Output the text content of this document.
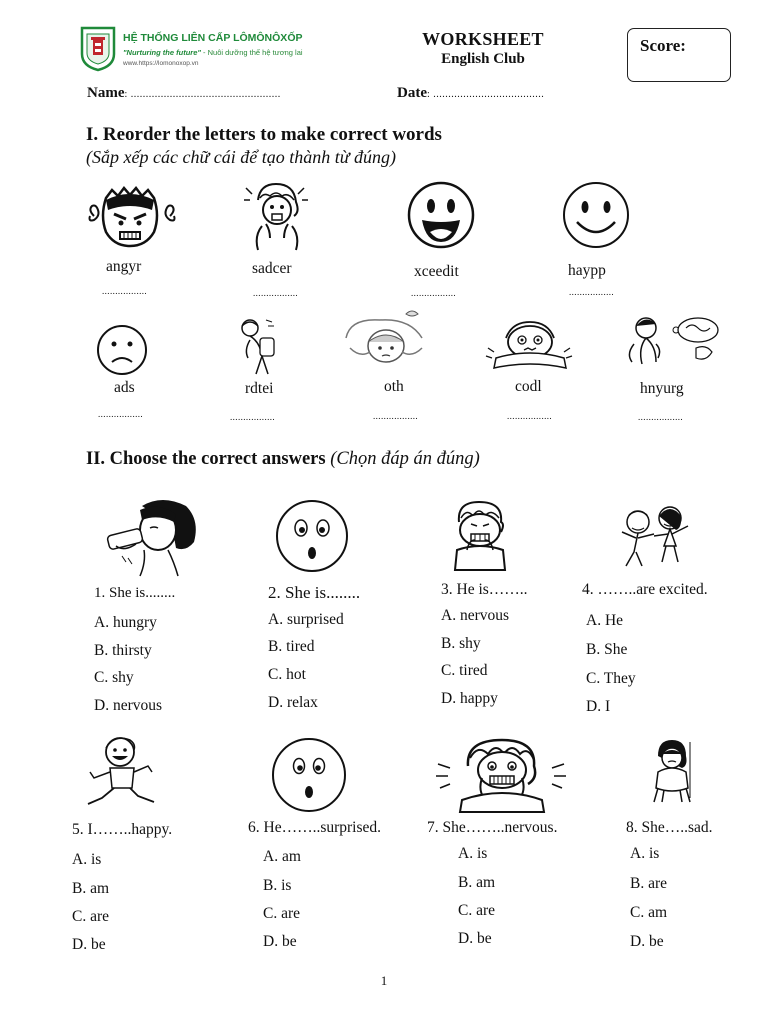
HỆ THỐNG LIÊN CẤP LÔMÔNÔXỐP
"Nurturing the future" - Nuôi dưỡng thế hệ tương lai
www.https://lomonoxop.vn
WORKSHEET
English Club
Score:
Name: ..................................................	Date: .....................................
I. Reorder the letters to make correct words
(Sắp xếp các chữ cái để tạo thành từ đúng)
angyr	sadcer	xceedit	haypp
.................	.................	.................	.................
ads	rdtei	oth	codl	hnyurg
.................	.................	.................	.................	.................
II. Choose the correct answers (Chọn đáp án đúng)
1. She is........
A. hungry
B. thirsty
C. shy
D. nervous
2. She is........
A. surprised
B. tired
C. hot
D. relax
3. He is……..
A. nervous
B. shy
C. tired
D. happy
4. ……..are excited.
A. He
B. She
C. They
D. I
5. I……..happy.
A. is
B. am
C. are
D. be
6. He……..surprised.
A. am
B. is
C. are
D. be
7. She……..nervous.
A. is
B. am
C. are
D. be
8. She…..sad.
A. is
B. are
C. am
D. be
1
